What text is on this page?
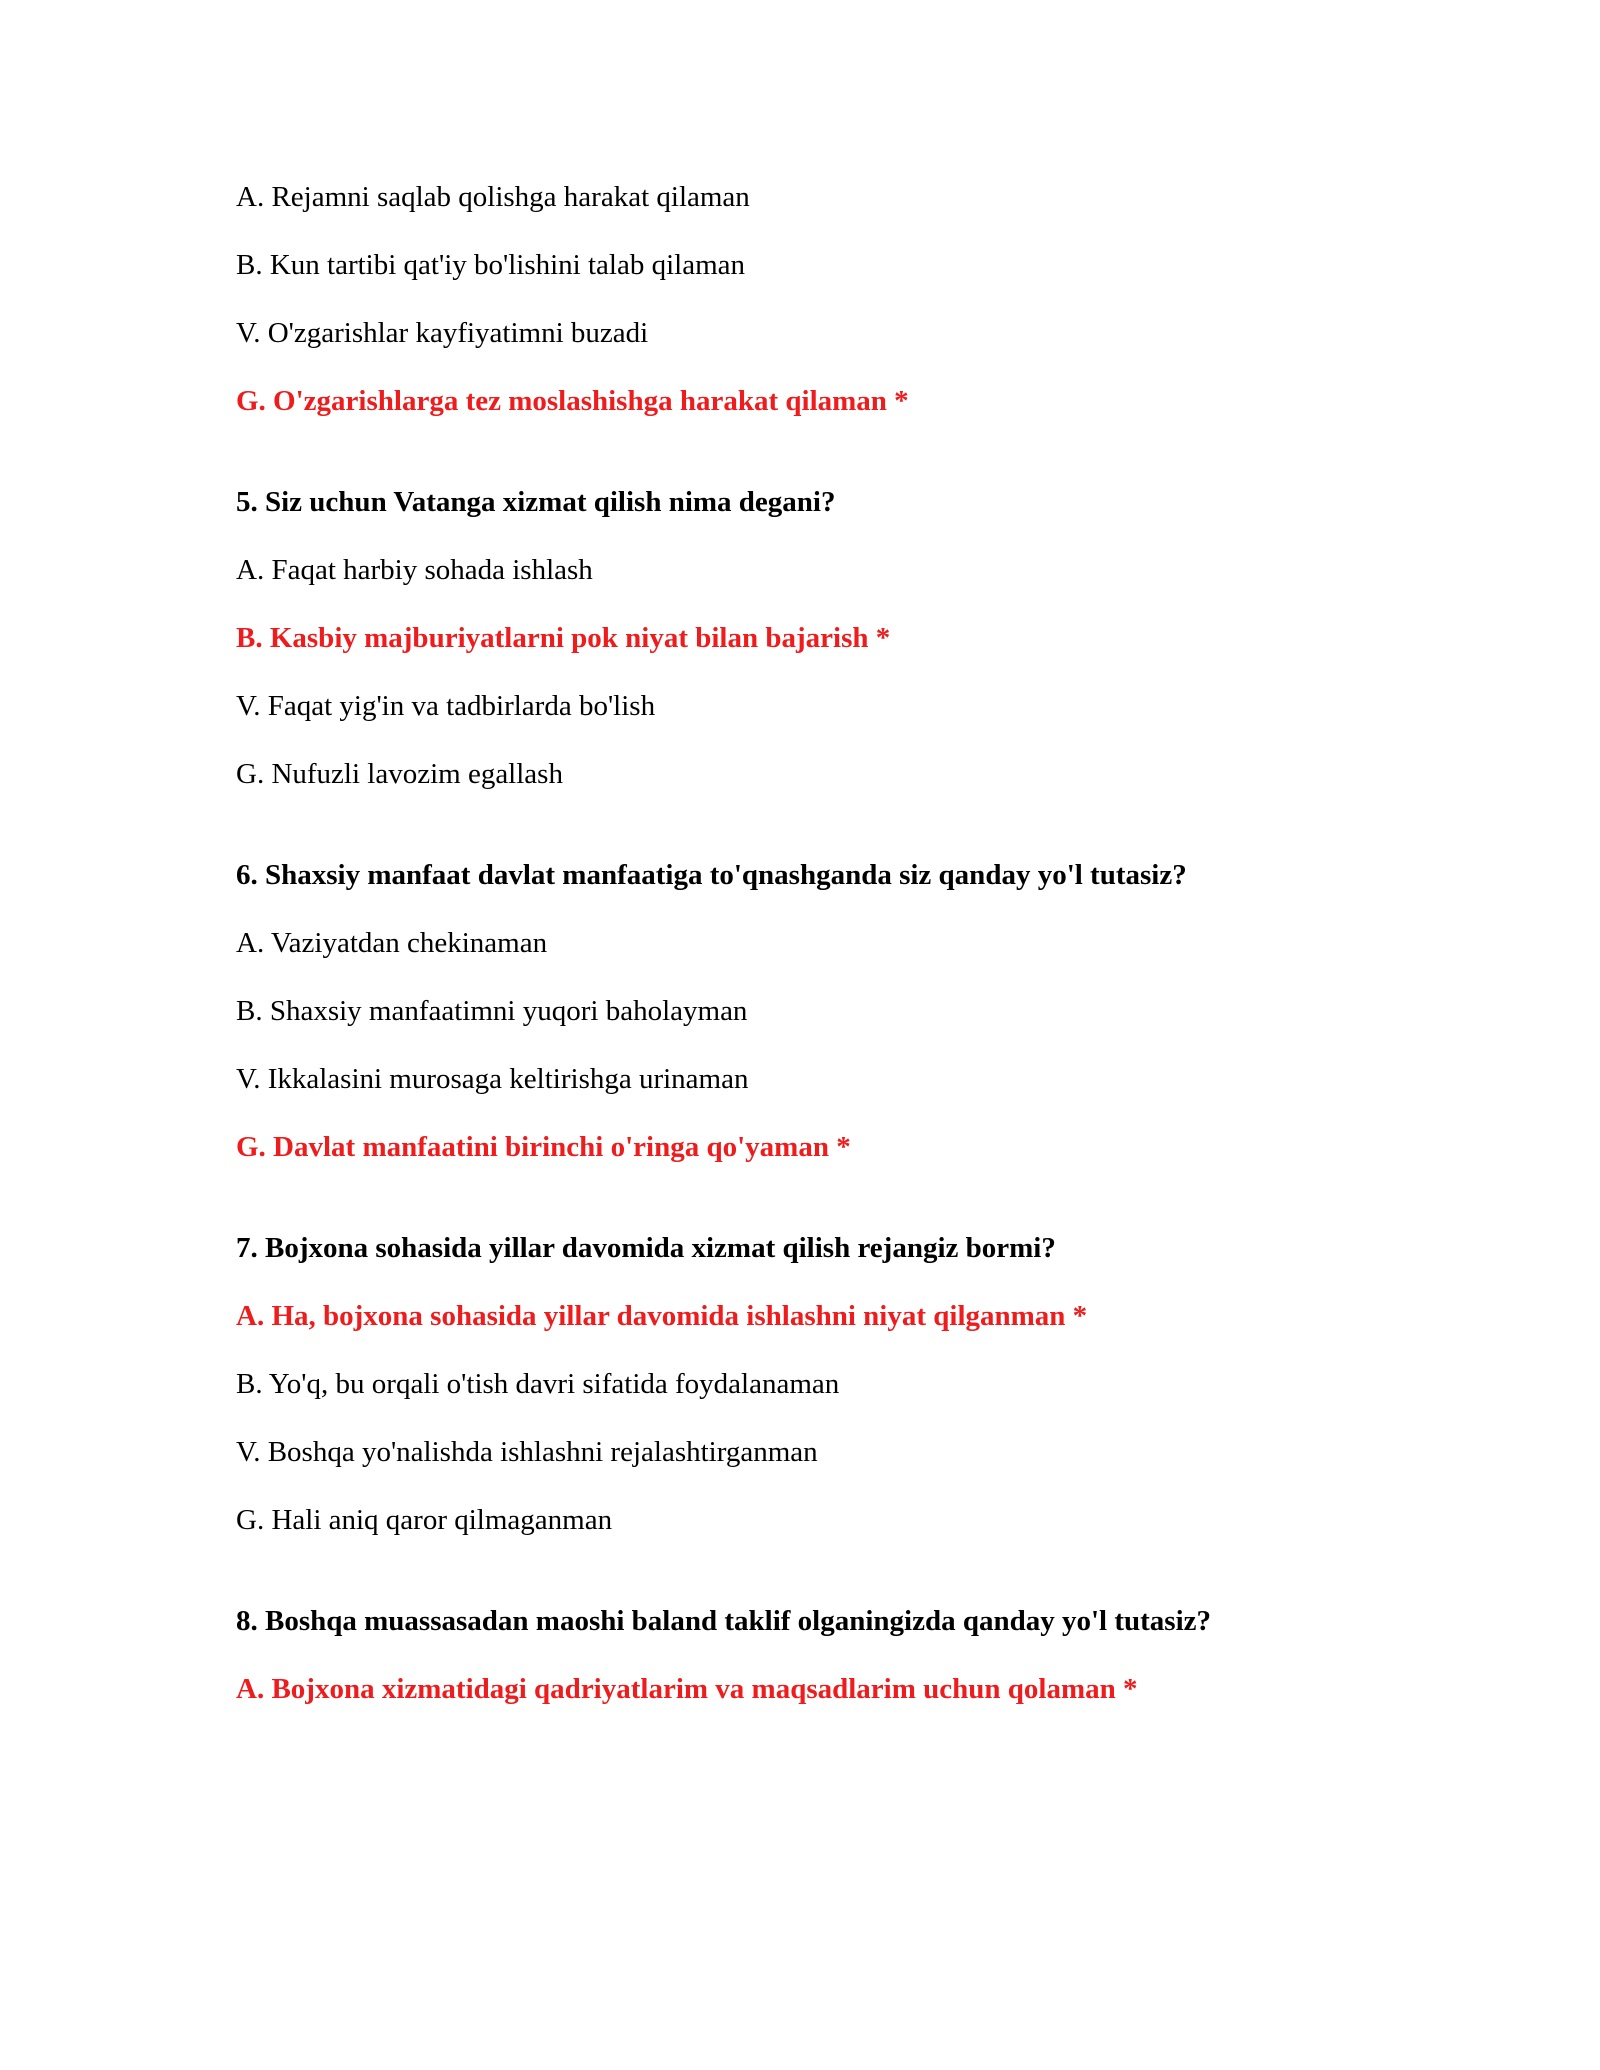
A. Rejamni saqlab qolishga harakat qilaman

B. Kun tartibi qat'iy bo'lishini talab qilaman

V. O'zgarishlar kayfiyatimni buzadi

G. O'zgarishlarga tez moslashishga harakat qilaman *

5. Siz uchun Vatanga xizmat qilish nima degani?

A. Faqat harbiy sohada ishlash

B. Kasbiy majburiyatlarni pok niyat bilan bajarish *

V. Faqat yig'in va tadbirlarda bo'lish

G. Nufuzli lavozim egallash

6. Shaxsiy manfaat davlat manfaatiga to'qnashganda siz qanday yo'l tutasiz?

A. Vaziyatdan chekinaman

B. Shaxsiy manfaatimni yuqori baholayman

V. Ikkalasini murosaga keltirishga urinaman

G. Davlat manfaatini birinchi o'ringa qo'yaman *

7. Bojxona sohasida yillar davomida xizmat qilish rejangiz bormi?

A. Ha, bojxona sohasida yillar davomida ishlashni niyat qilganman *

B. Yo'q, bu orqali o'tish davri sifatida foydalanaman

V. Boshqa yo'nalishda ishlashni rejalashtirganman

G. Hali aniq qaror qilmaganman

8. Boshqa muassasadan maoshi baland taklif olganingizda qanday yo'l tutasiz?

A. Bojxona xizmatidagi qadriyatlarim va maqsadlarim uchun qolaman *
